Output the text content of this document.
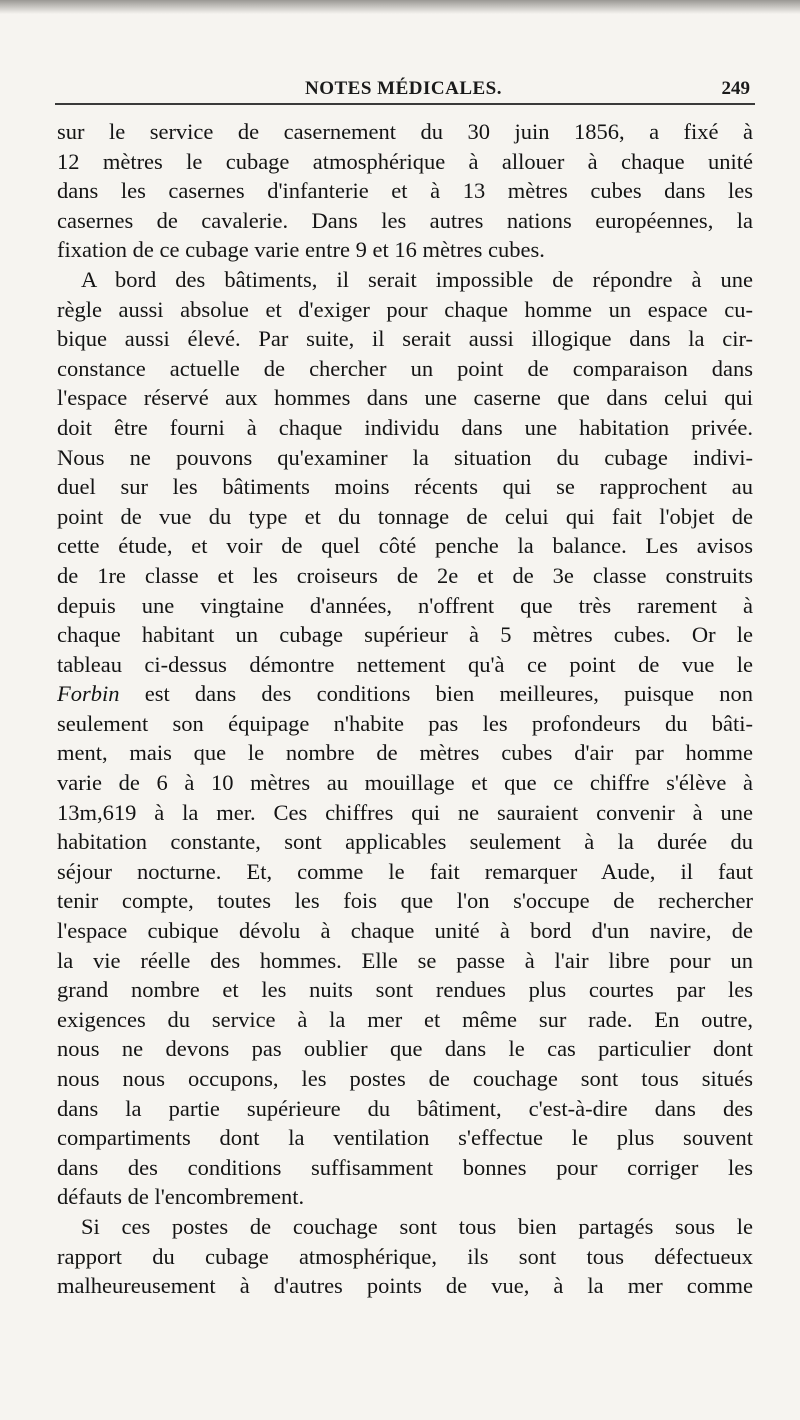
NOTES MÉDICALES.	249
sur le service de casernement du 30 juin 1856, a fixé à
12 mètres le cubage atmosphérique à allouer à chaque unité
dans les casernes d'infanterie et à 13 mètres cubes dans les
casernes de cavalerie. Dans les autres nations européennes, la
fixation de ce cubage varie entre 9 et 16 mètres cubes.
A bord des bâtiments, il serait impossible de répondre à une
règle aussi absolue et d'exiger pour chaque homme un espace cu-
bique aussi élevé. Par suite, il serait aussi illogique dans la cir-
constance actuelle de chercher un point de comparaison dans
l'espace réservé aux hommes dans une caserne que dans celui qui
doit être fourni à chaque individu dans une habitation privée.
Nous ne pouvons qu'examiner la situation du cubage indivi-
duel sur les bâtiments moins récents qui se rapprochent au
point de vue du type et du tonnage de celui qui fait l'objet de
cette étude, et voir de quel côté penche la balance. Les avisos
de 1re classe et les croiseurs de 2e et de 3e classe construits
depuis une vingtaine d'années, n'offrent que très rarement à
chaque habitant un cubage supérieur à 5 mètres cubes. Or le
tableau ci-dessus démontre nettement qu'à ce point de vue le
Forbin est dans des conditions bien meilleures, puisque non
seulement son équipage n'habite pas les profondeurs du bâti-
ment, mais que le nombre de mètres cubes d'air par homme
varie de 6 à 10 mètres au mouillage et que ce chiffre s'élève à
13m,619 à la mer. Ces chiffres qui ne sauraient convenir à une
habitation constante, sont applicables seulement à la durée du
séjour nocturne. Et, comme le fait remarquer Aude, il faut
tenir compte, toutes les fois que l'on s'occupe de rechercher
l'espace cubique dévolu à chaque unité à bord d'un navire, de
la vie réelle des hommes. Elle se passe à l'air libre pour un
grand nombre et les nuits sont rendues plus courtes par les
exigences du service à la mer et même sur rade. En outre,
nous ne devons pas oublier que dans le cas particulier dont
nous nous occupons, les postes de couchage sont tous situés
dans la partie supérieure du bâtiment, c'est-à-dire dans des
compartiments dont la ventilation s'effectue le plus souvent
dans des conditions suffisamment bonnes pour corriger les
défauts de l'encombrement.
Si ces postes de couchage sont tous bien partagés sous le
rapport du cubage atmosphérique, ils sont tous défectueux
malheureusement à d'autres points de vue, à la mer comme
